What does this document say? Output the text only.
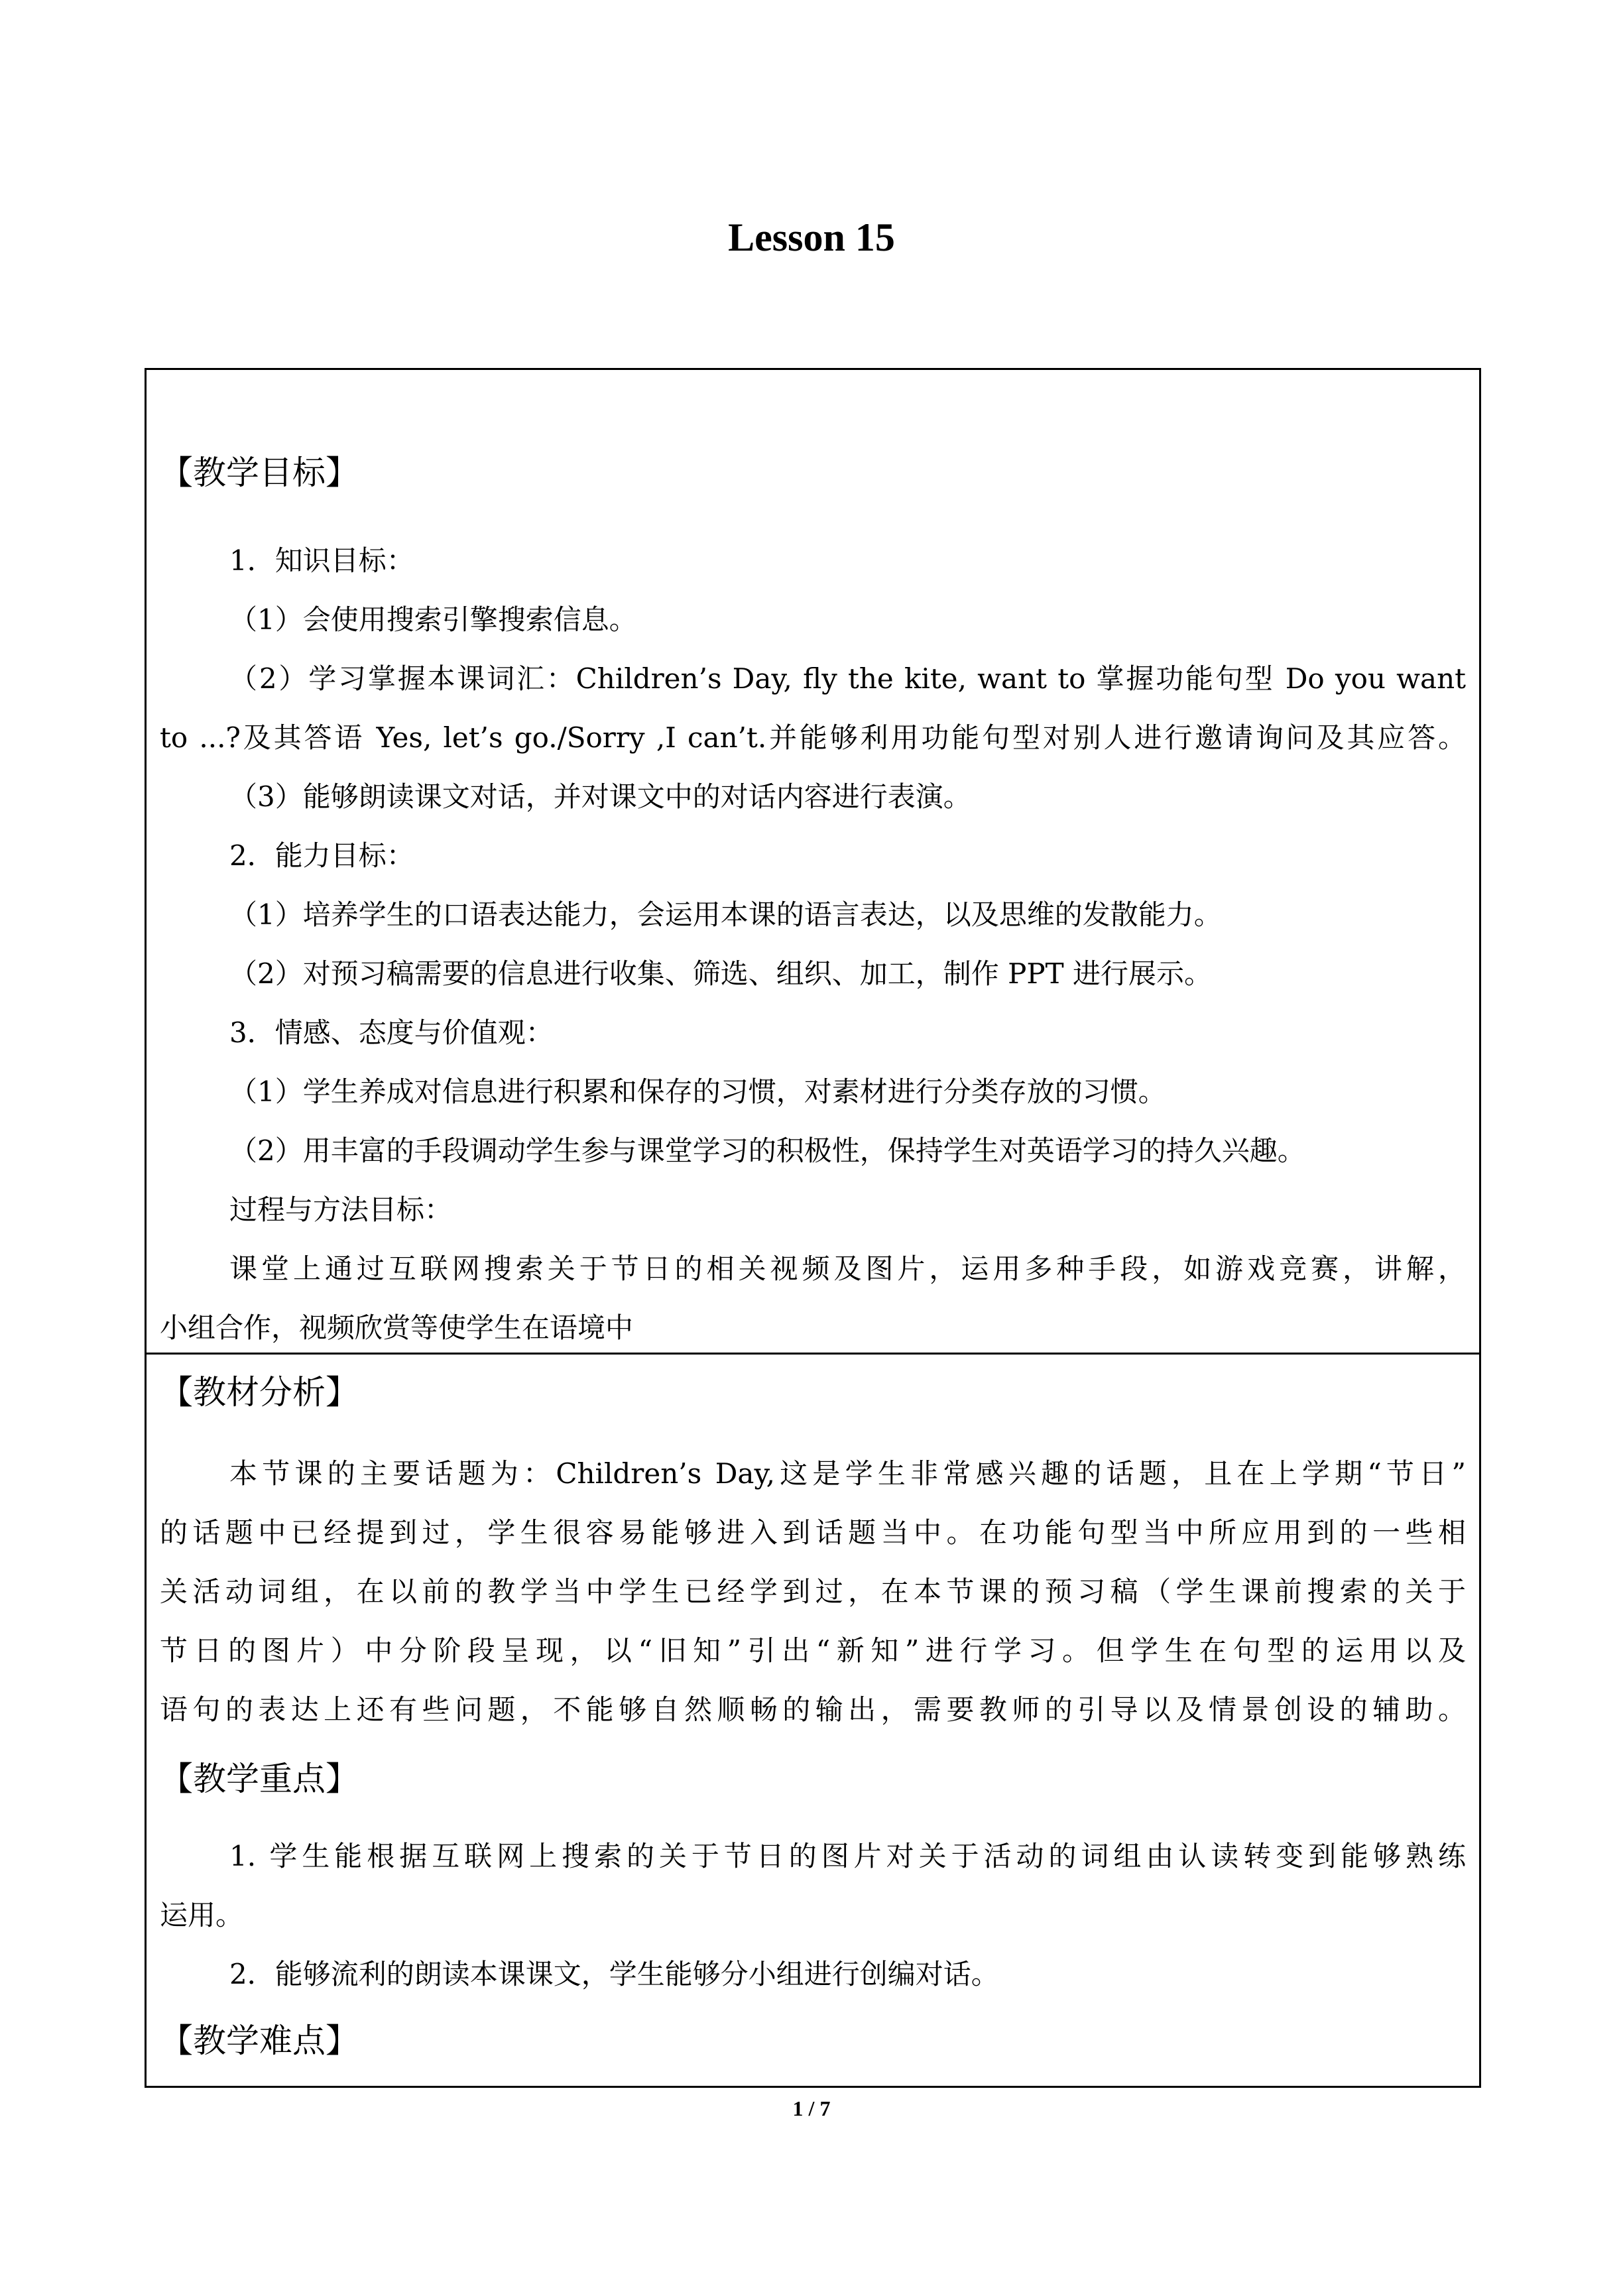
Lesson 15
【教学目标】
1．知识目标：
（1）会使用搜索引擎搜索信息。
（2）学习掌握本课词汇：Children’s Day, fly the kite, want to 掌握功能句型 Do you want
to ...?及其答语 Yes, let’s go./Sorry ,I can’t.并能够利用功能句型对别人进行邀请询问及其应答。
（3）能够朗读课文对话，并对课文中的对话内容进行表演。
2．能力目标：
（1）培养学生的口语表达能力，会运用本课的语言表达，以及思维的发散能力。
（2）对预习稿需要的信息进行收集、筛选、组织、加工，制作 PPT 进行展示。
3．情感、态度与价值观：
（1）学生养成对信息进行积累和保存的习惯，对素材进行分类存放的习惯。
（2）用丰富的手段调动学生参与课堂学习的积极性，保持学生对英语学习的持久兴趣。
过程与方法目标：
课堂上通过互联网搜索关于节日的相关视频及图片，运用多种手段，如游戏竞赛，讲解，
小组合作，视频欣赏等使学生在语境中
【教材分析】
本节课的主要话题为：Children’s Day,这是学生非常感兴趣的话题，且在上学期“节日”
的话题中已经提到过，学生很容易能够进入到话题当中。在功能句型当中所应用到的一些相
关活动词组，在以前的教学当中学生已经学到过，在本节课的预习稿（学生课前搜索的关于
节日的图片）中分阶段呈现，以“旧知”引出“新知”进行学习。但学生在句型的运用以及
语句的表达上还有些问题，不能够自然顺畅的输出，需要教师的引导以及情景创设的辅助。
【教学重点】
1. 学生能根据互联网上搜索的关于节日的图片对关于活动的词组由认读转变到能够熟练
运用。
2．能够流利的朗读本课课文，学生能够分小组进行创编对话。
【教学难点】
1 / 7
